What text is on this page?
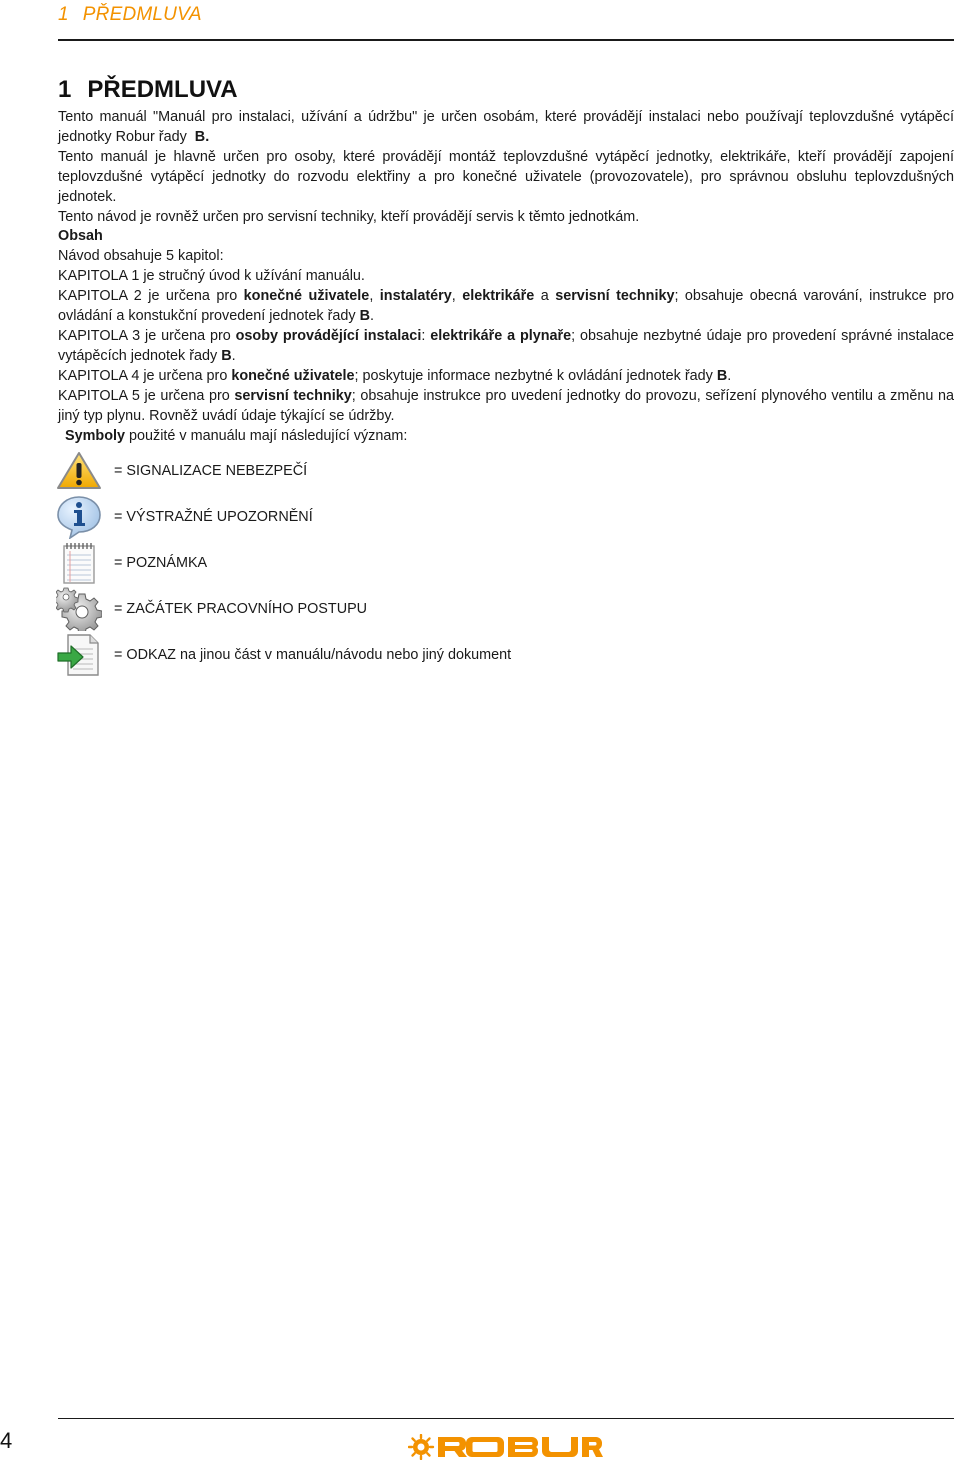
1 PŘEDMLUVA
1 PŘEDMLUVA

Tento manuál "Manuál pro instalaci, užívání a údržbu" je určen osobám, které provádějí instalaci nebo používají teplovzdušné vytápěcí jednotky Robur řady B.

Tento manuál je hlavně určen pro osoby, které provádějí montáž teplovzdušné vytápěcí jednotky, elektrikáře, kteří provádějí zapojení teplovzdušné vytápěcí jednotky do rozvodu elektřiny a pro konečné uživatele (provozovatele), pro správnou obsluhu teplovzdušných jednotek.

Tento návod je rovněž určen pro servisní techniky, kteří provádějí servis k těmto jednotkám.

Obsah

Návod obsahuje 5 kapitol:

KAPITOLA 1 je stručný úvod k užívání manuálu.

KAPITOLA 2 je určena pro konečné uživatele, instalatéry, elektrikáře a servisní techniky; obsahuje obecná varování, instrukce pro ovládání a konstukční provedení jednotek řady B.

KAPITOLA 3 je určena pro osoby provádějící instalaci: elektrikáře a plynaře; obsahuje nezbytné údaje pro provedení správné instalace vytápěcích jednotek řady B.

KAPITOLA 4 je určena pro konečné uživatele; poskytuje informace nezbytné k ovládání jednotek řady B.

KAPITOLA 5 je určena pro servisní techniky; obsahuje instrukce pro uvedení jednotky do provozu, seřízení plynového ventilu a změnu na jiný typ plynu. Rovněž uvádí údaje týkající se údržby.

Symboly použité v manuálu mají následující význam:

= SIGNALIZACE NEBEZPEČÍ
= VÝSTRAŽNÉ UPOZORNĚNÍ
= POZNÁMKA
= ZAČÁTEK PRACOVNÍHO POSTUPU
= ODKAZ na jinou část v manuálu/návodu nebo jiný dokument
4
